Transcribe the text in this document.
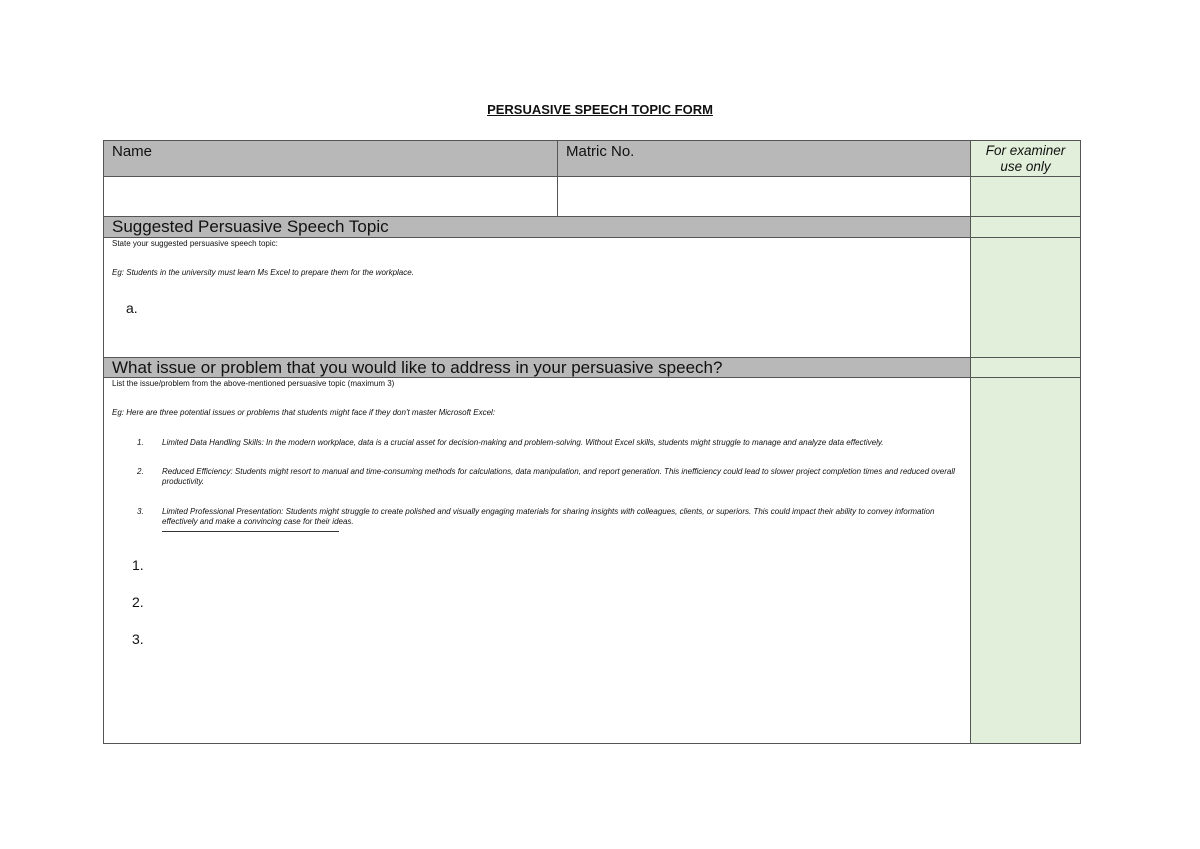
PERSUASIVE SPEECH TOPIC FORM
Name	Matric No.	For examiner
use only
Suggested Persuasive Speech Topic
State your suggested persuasive speech topic:
Eg: Students in the university must learn Ms Excel to prepare them for the workplace.
a.
What issue or problem that you would like to address in your persuasive speech?
List the issue/problem from the above-mentioned persuasive topic (maximum 3)
Eg: Here are three potential issues or problems that students might face if they don't master Microsoft Excel:
1. Limited Data Handling Skills: In the modern workplace, data is a crucial asset for decision-making and problem-solving. Without Excel skills, students might struggle to manage and analyze data effectively.
2. Reduced Efficiency: Students might resort to manual and time-consuming methods for calculations, data manipulation, and report generation. This inefficiency could lead to slower project completion times and reduced overall productivity.
3. Limited Professional Presentation: Students might struggle to create polished and visually engaging materials for sharing insights with colleagues, clients, or superiors. This could impact their ability to convey information effectively and make a convincing case for their ideas.
1.
2.
3.
